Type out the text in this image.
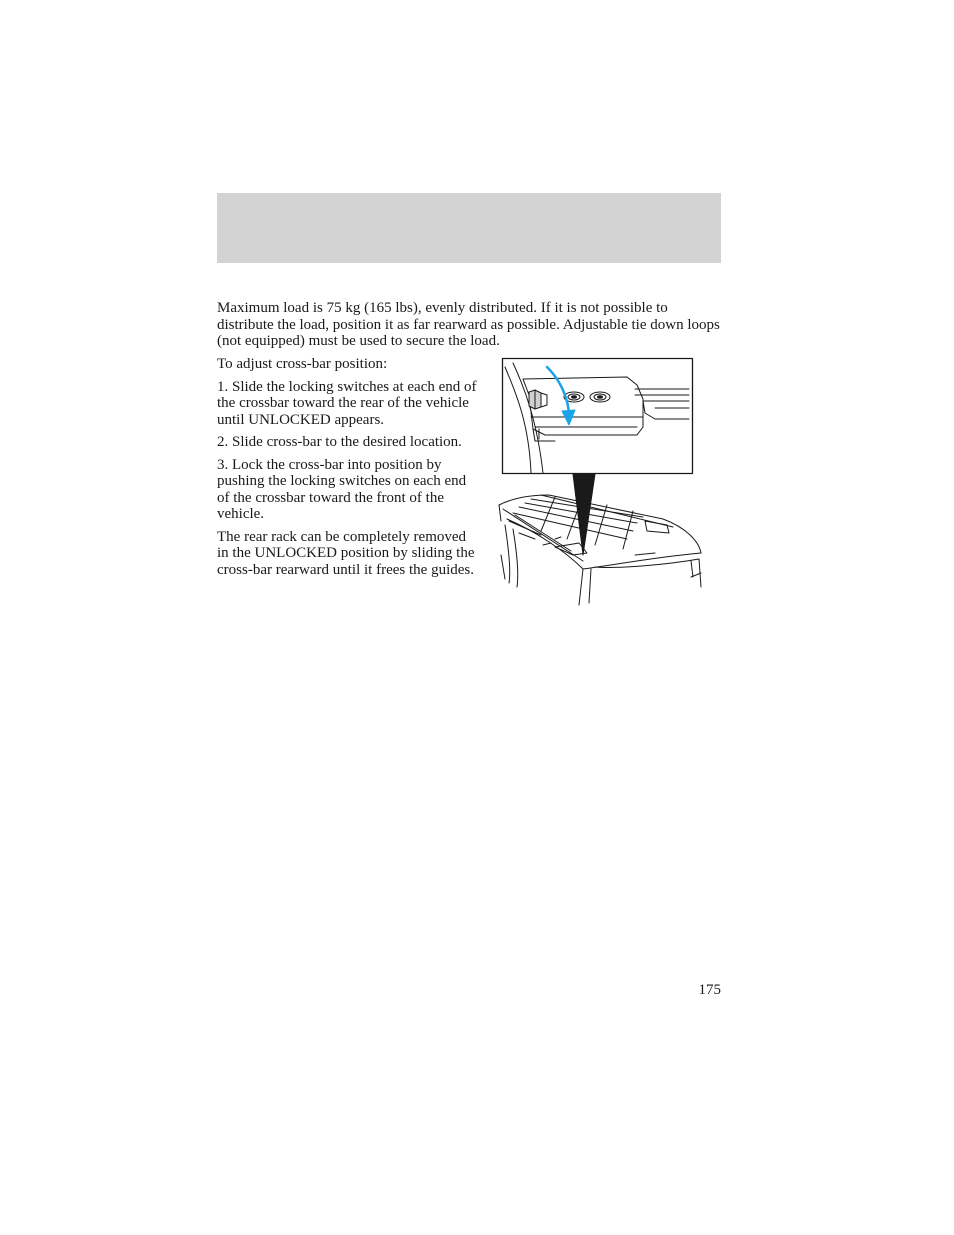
Maximum load is 75 kg (165 lbs), evenly distributed. If it is not possible to distribute the load, position it as far rearward as possible. Adjustable tie down loops (not equipped) must be used to secure the load.

To adjust cross-bar position:

1. Slide the locking switches at each end of the crossbar toward the rear of the vehicle until UNLOCKED appears.

2. Slide cross-bar to the desired location.

3. Lock the cross-bar into position by pushing the locking switches on each end of the crossbar toward the front of the vehicle.

The rear rack can be completely removed in the UNLOCKED position by sliding the cross-bar rearward until it frees the guides.

175
